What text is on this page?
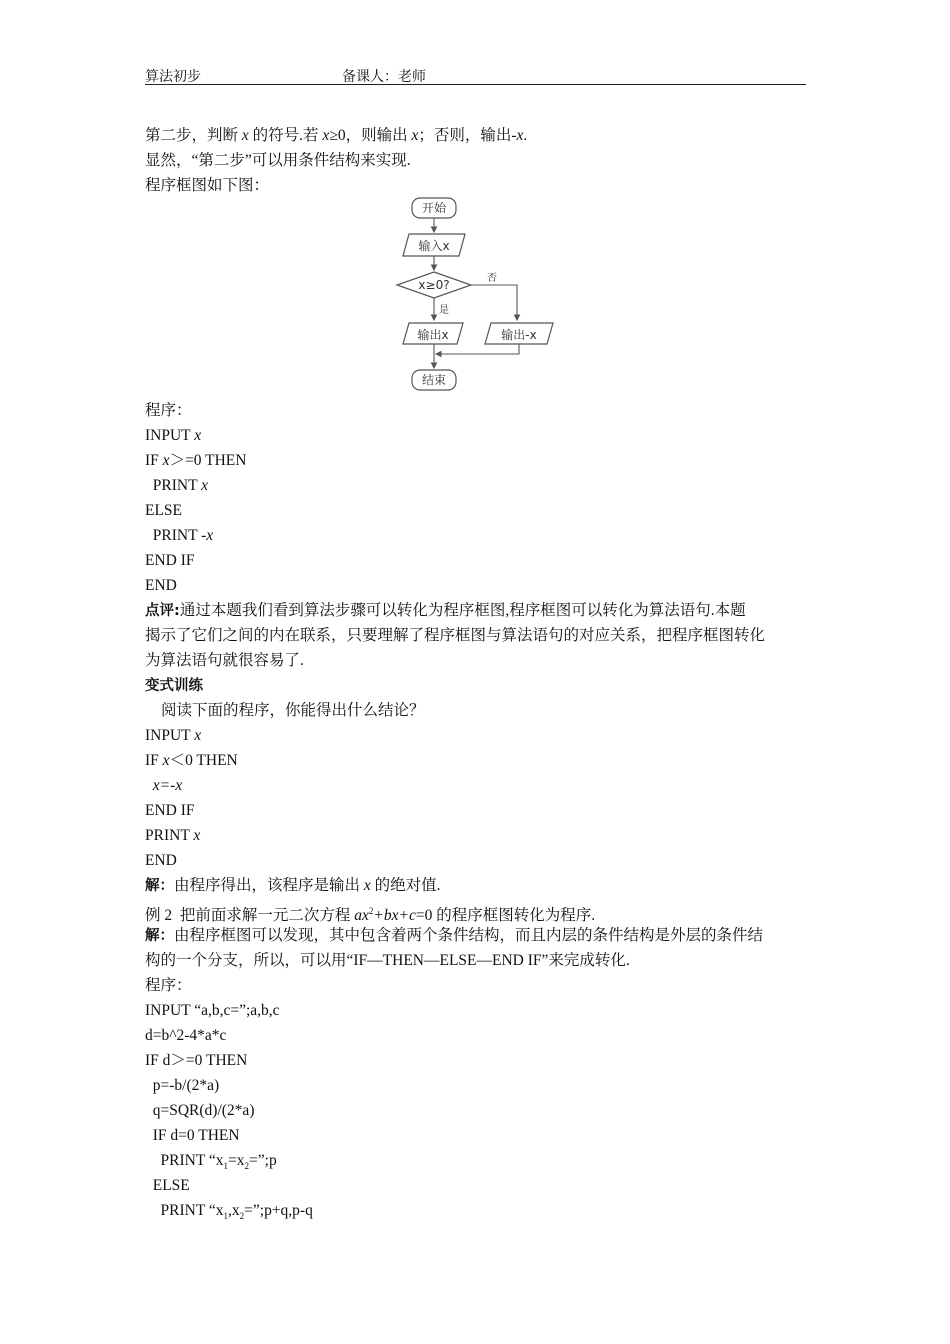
算法初步	备课人：老师
第二步，判断 x 的符号.若 x≥0，则输出 x；否则，输出-x.
显然，“第二步”可以用条件结构来实现.
程序框图如下图：
开始
输入x
x≥0?	否
是
输出x	输出-x
结束
程序：
INPUT x
IF x＞=0 THEN
PRINT x
ELSE
PRINT -x
END IF
END
点评:通过本题我们看到算法步骤可以转化为程序框图,程序框图可以转化为算法语句.本题
揭示了它们之间的内在联系，只要理解了程序框图与算法语句的对应关系，把程序框图转化
为算法语句就很容易了.
变式训练
阅读下面的程序，你能得出什么结论？
INPUT x
IF x＜0 THEN
x=-x
END IF
PRINT x
END
解：由程序得出，该程序是输出 x 的绝对值.
例 2  把前面求解一元二次方程 $ax^2+bx+c=0$ 的程序框图转化为程序.
解：由程序框图可以发现，其中包含着两个条件结构，而且内层的条件结构是外层的条件结
构的一个分支，所以，可以用“IF—THEN—ELSE—END IF”来完成转化.
程序：
INPUT “a,b,c=”;a,b,c
d=b^2-4*a*c
IF d＞=0 THEN
p=-b/(2*a)
q=SQR(d)/(2*a)
IF d=0 THEN
PRINT “$x_1=x_2=”;p$
ELSE
PRINT “$x_1,x_2=”;p+q,p-q$
